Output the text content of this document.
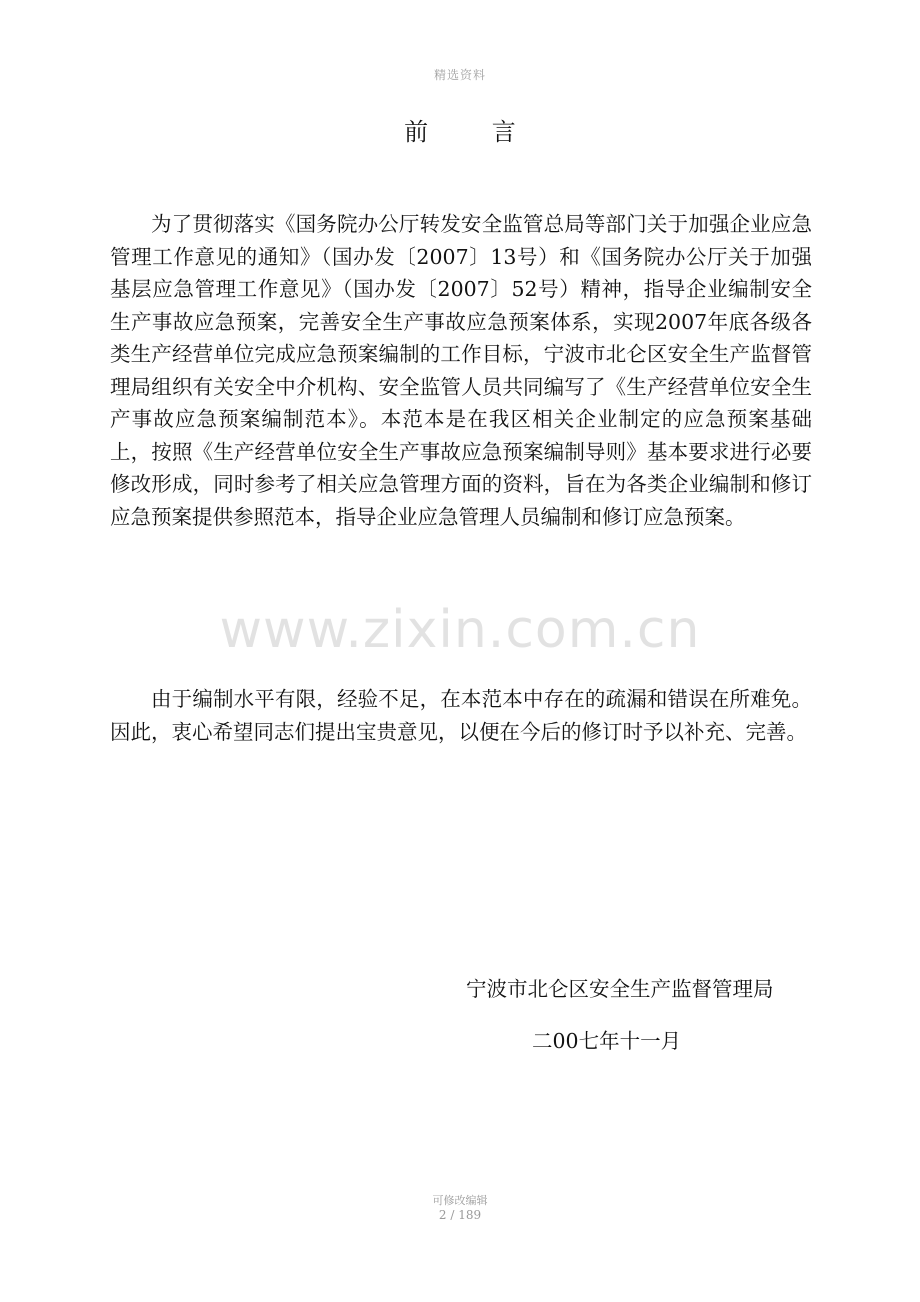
精选资料
前 言

为了贯彻落实《国务院办公厅转发安全监管总局等部门关于加强企业应急管理工作意见的通知》（国办发〔2007〕13号）和《国务院办公厅关于加强基层应急管理工作意见》（国办发〔2007〕52号）精神，指导企业编制安全生产事故应急预案，完善安全生产事故应急预案体系，实现2007年底各级各类生产经营单位完成应急预案编制的工作目标，宁波市北仑区安全生产监督管理局组织有关安全中介机构、安全监管人员共同编写了《生产经营单位安全生产事故应急预案编制范本》。本范本是在我区相关企业制定的应急预案基础上，按照《生产经营单位安全生产事故应急预案编制导则》基本要求进行必要修改形成，同时参考了相关应急管理方面的资料，旨在为各类企业编制和修订应急预案提供参照范本，指导企业应急管理人员编制和修订应急预案。

www.zixin.com.cn

由于编制水平有限，经验不足，在本范本中存在的疏漏和错误在所难免。因此，衷心希望同志们提出宝贵意见，以便在今后的修订时予以补充、完善。

宁波市北仑区安全生产监督管理局
二00七年十一月
可修改编辑
2 / 189
